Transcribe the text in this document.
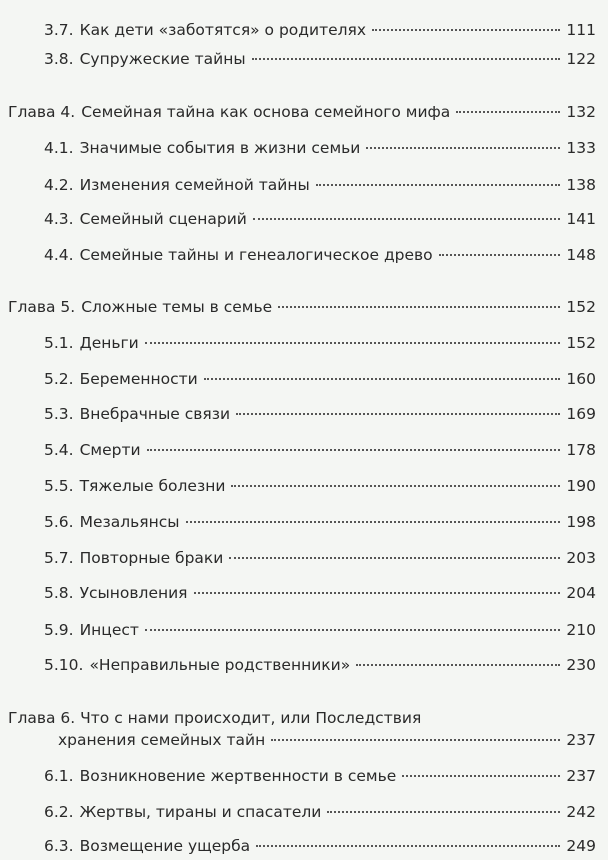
3.7. Как дети «заботятся» о родителях	111
3.8. Супружеские тайны	122
Глава 4. Семейная тайна как основа семейного мифа	132
4.1. Значимые события в жизни семьи	133
4.2. Изменения семейной тайны	138
4.3. Семейный сценарий	141
4.4. Семейные тайны и генеалогическое древо	148
Глава 5. Сложные темы в семье	152
5.1. Деньги	152
5.2. Беременности	160
5.3. Внебрачные связи	169
5.4. Смерти	178
5.5. Тяжелые болезни	190
5.6. Мезальянсы	198
5.7. Повторные браки	203
5.8. Усыновления	204
5.9. Инцест	210
5.10. «Неправильные родственники»	230
Глава 6. Что с нами происходит, или Последствия
хранения семейных тайн	237
6.1. Возникновение жертвенности в семье	237
6.2. Жертвы, тираны и спасатели	242
6.3. Возмещение ущерба	249
